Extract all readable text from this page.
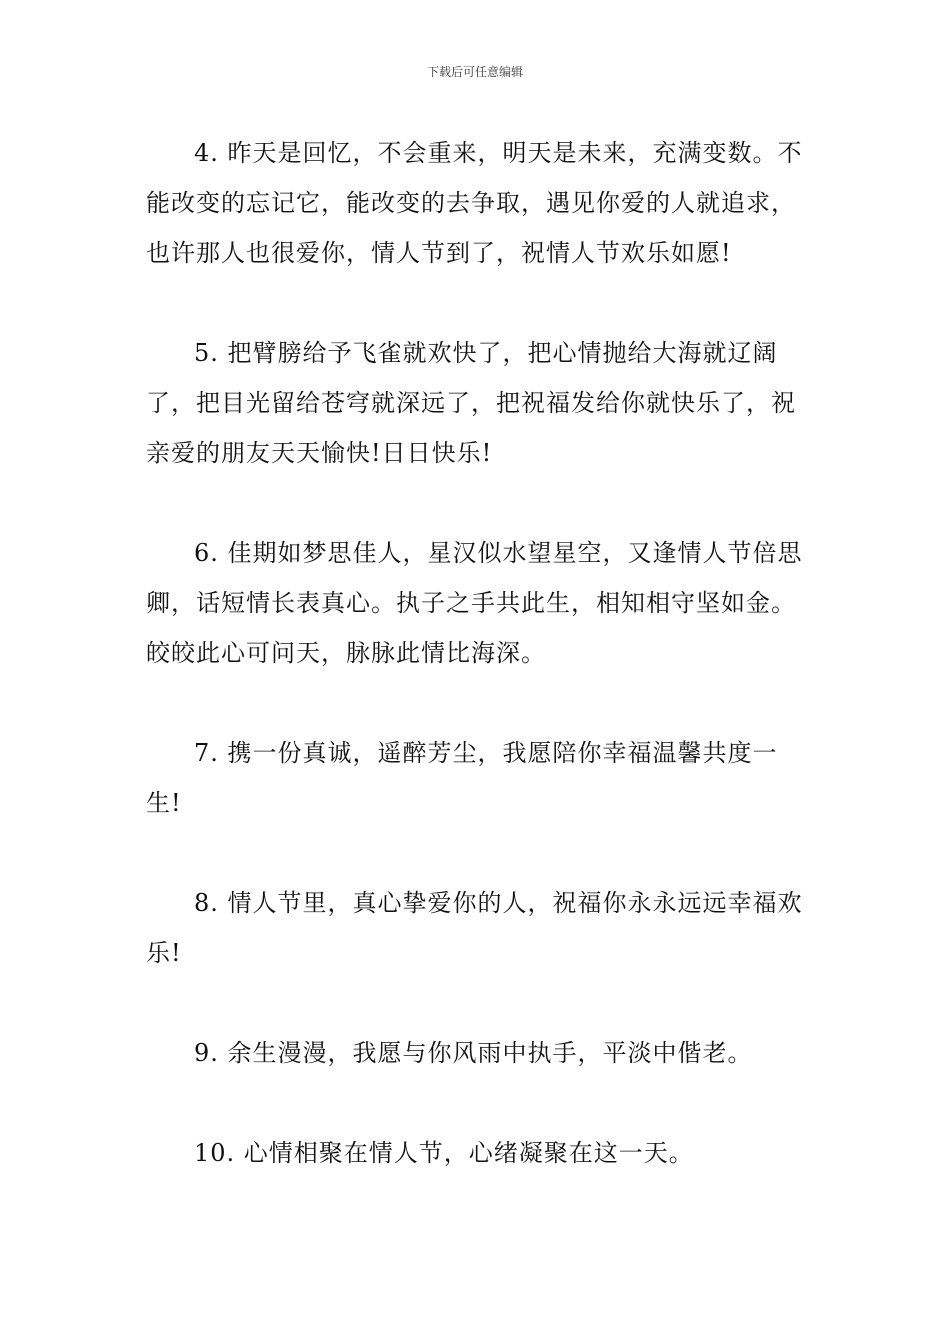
下载后可任意编辑

4. 昨天是回忆，不会重来，明天是未来，充满变数。不能改变的忘记它，能改变的去争取，遇见你爱的人就追求，也许那人也很爱你，情人节到了，祝情人节欢乐如愿!

5. 把臂膀给予飞雀就欢快了，把心情抛给大海就辽阔了，把目光留给苍穹就深远了，把祝福发给你就快乐了，祝亲爱的朋友天天愉快!日日快乐!

6. 佳期如梦思佳人，星汉似水望星空，又逢情人节倍思卿，话短情长表真心。执子之手共此生，相知相守坚如金。皎皎此心可问天，脉脉此情比海深。

7. 携一份真诚，遥醉芳尘，我愿陪你幸福温馨共度一生!

8. 情人节里，真心挚爱你的人，祝福你永永远远幸福欢乐!

9. 余生漫漫，我愿与你风雨中执手，平淡中偕老。

10. 心情相聚在情人节，心绪凝聚在这一天。
